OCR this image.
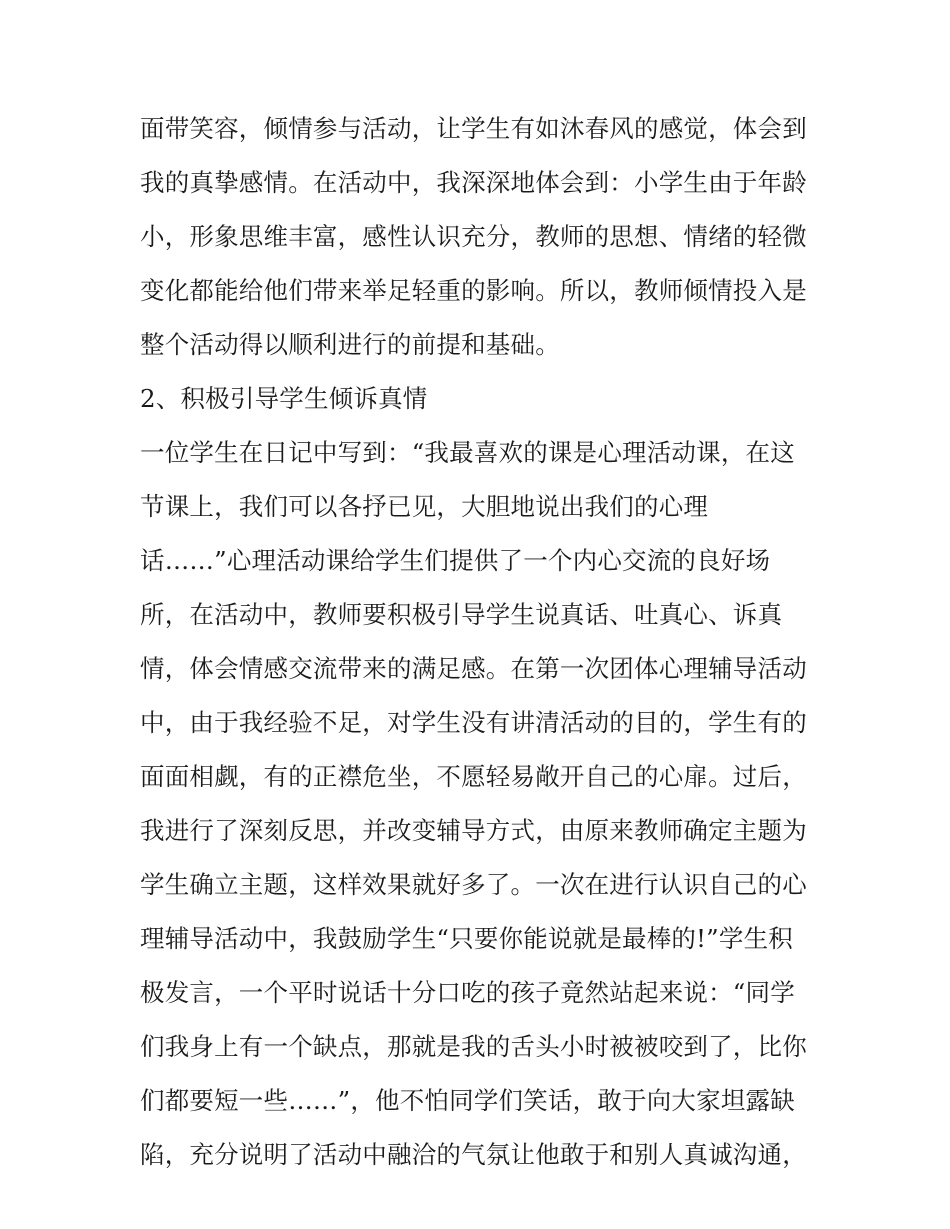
面带笑容，倾情参与活动，让学生有如沐春风的感觉，体会到
我的真挚感情。在活动中，我深深地体会到：小学生由于年龄
小，形象思维丰富，感性认识充分，教师的思想、情绪的轻微
变化都能给他们带来举足轻重的影响。所以，教师倾情投入是
整个活动得以顺利进行的前提和基础。
2、积极引导学生倾诉真情
一位学生在日记中写到：“我最喜欢的课是心理活动课，在这
节课上，我们可以各抒已见，大胆地说出我们的心理
话……”心理活动课给学生们提供了一个内心交流的良好场
所，在活动中，教师要积极引导学生说真话、吐真心、诉真
情，体会情感交流带来的满足感。在第一次团体心理辅导活动
中，由于我经验不足，对学生没有讲清活动的目的，学生有的
面面相觑，有的正襟危坐，不愿轻易敞开自己的心扉。过后，
我进行了深刻反思，并改变辅导方式，由原来教师确定主题为
学生确立主题，这样效果就好多了。一次在进行认识自己的心
理辅导活动中，我鼓励学生“只要你能说就是最棒的!”学生积
极发言，一个平时说话十分口吃的孩子竟然站起来说：“同学
们我身上有一个缺点，那就是我的舌头小时被被咬到了，比你
们都要短一些……”，他不怕同学们笑话，敢于向大家坦露缺
陷，充分说明了活动中融洽的气氛让他敢于和别人真诚沟通，
